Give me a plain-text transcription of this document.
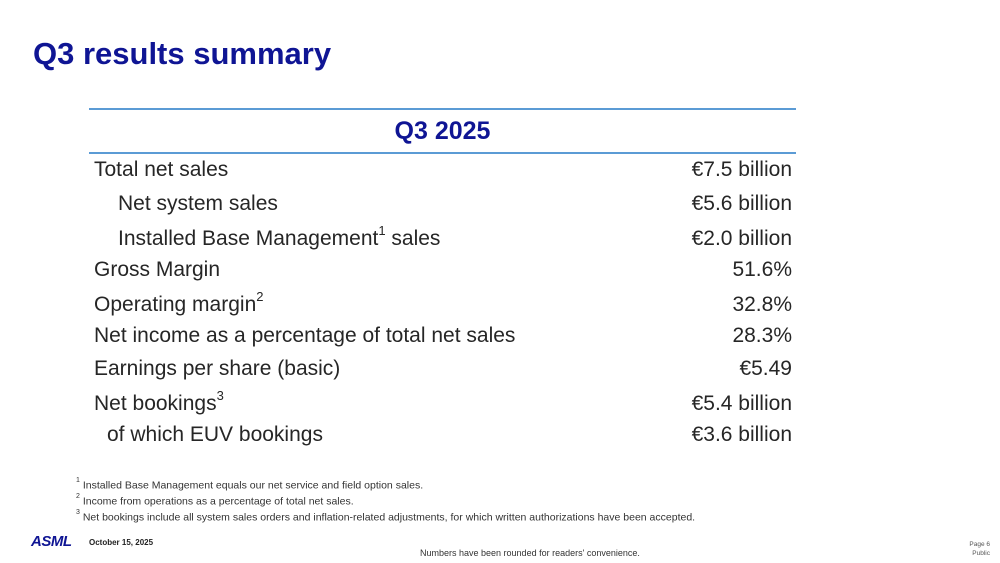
Q3 results summary
Q3 2025
Total net sales	€7.5 billion
Net system sales	€5.6 billion
Installed Base Management$^1$ sales	€2.0 billion
Gross Margin	51.6%
Operating margin$^2$	32.8%
Net income as a percentage of total net sales	28.3%
Earnings per share (basic)	€5.49
Net bookings$^3$	€5.4 billion
of which EUV bookings	€3.6 billion
$^1$ Installed Base Management equals our net service and field option sales.
$^2$ Income from operations as a percentage of total net sales.
$^3$ Net bookings include all system sales orders and inflation-related adjustments, for which written authorizations have been accepted.
ASML October 15, 2025
Numbers have been rounded for readers' convenience.
Page 6
Public
